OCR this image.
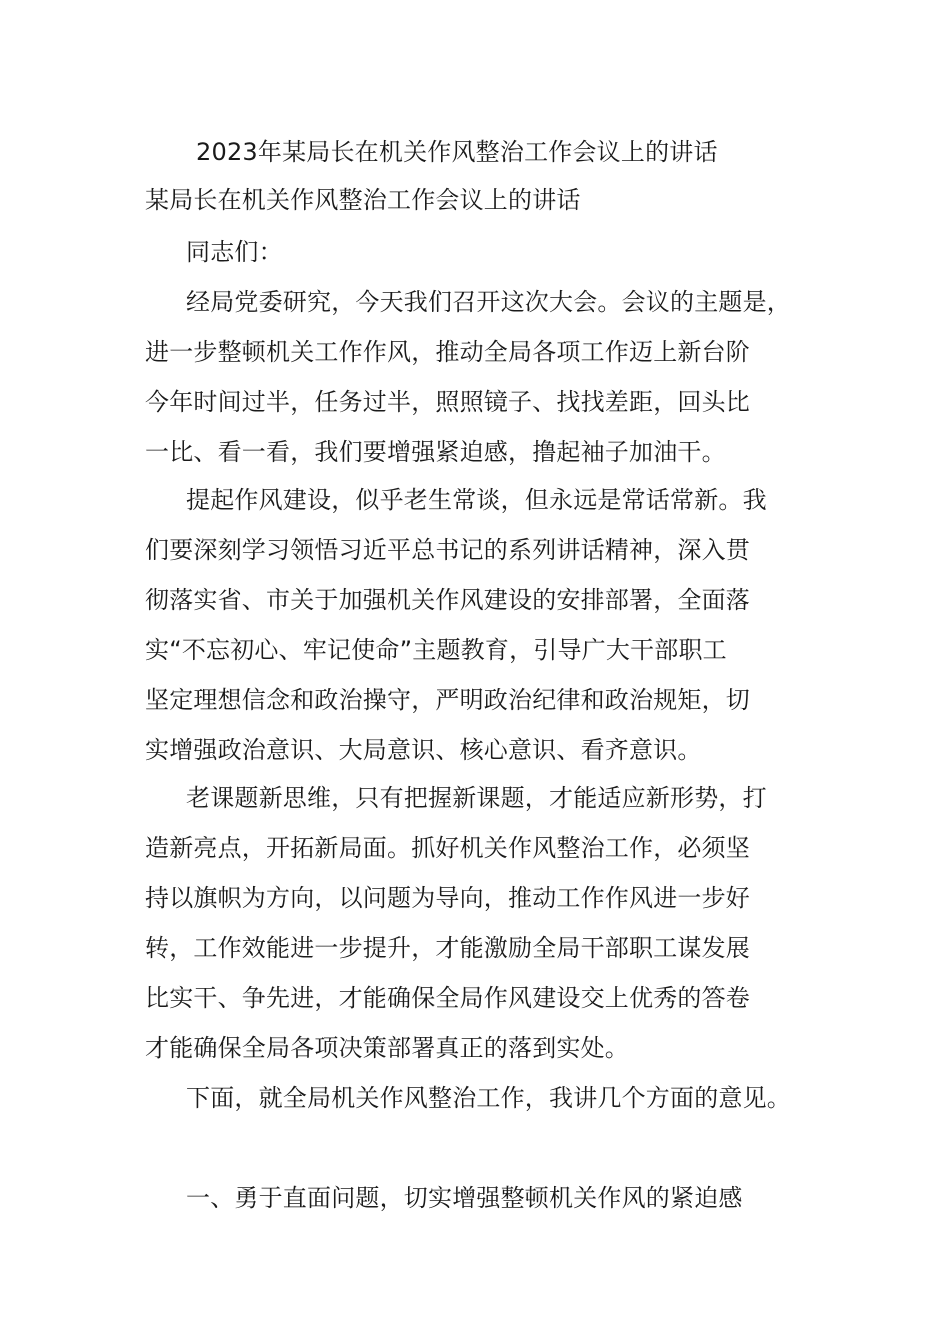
2023年某局长在机关作风整治工作会议上的讲话
某局长在机关作风整治工作会议上的讲话
同志们：
经局党委研究，今天我们召开这次大会。会议的主题是，
进一步整顿机关工作作风，推动全局各项工作迈上新台阶
今年时间过半，任务过半，照照镜子、找找差距，回头比
一比、看一看，我们要增强紧迫感，撸起袖子加油干。
提起作风建设，似乎老生常谈，但永远是常话常新。我
们要深刻学习领悟习近平总书记的系列讲话精神，深入贯
彻落实省、市关于加强机关作风建设的安排部署，全面落
实“不忘初心、牢记使命”主题教育，引导广大干部职工
坚定理想信念和政治操守，严明政治纪律和政治规矩，切
实增强政治意识、大局意识、核心意识、看齐意识。
老课题新思维，只有把握新课题，才能适应新形势，打
造新亮点，开拓新局面。抓好机关作风整治工作，必须坚
持以旗帜为方向，以问题为导向，推动工作作风进一步好
转，工作效能进一步提升，才能激励全局干部职工谋发展
比实干、争先进，才能确保全局作风建设交上优秀的答卷
才能确保全局各项决策部署真正的落到实处。
下面，就全局机关作风整治工作，我讲几个方面的意见。
一、勇于直面问题，切实增强整顿机关作风的紧迫感
